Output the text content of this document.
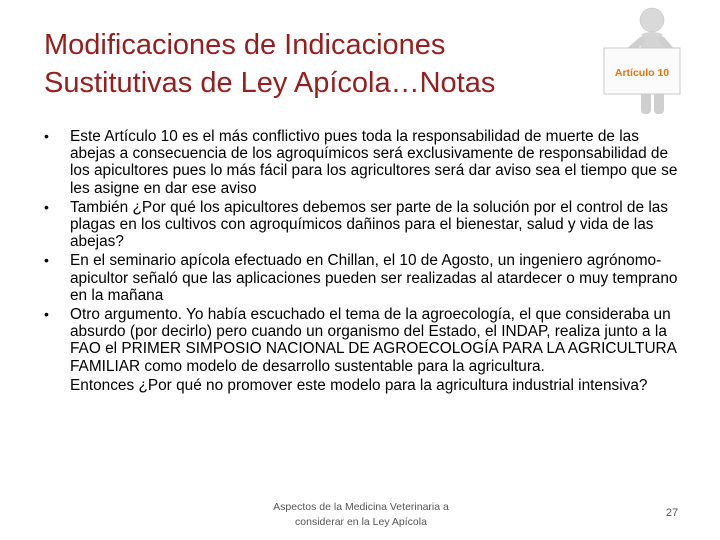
Modificaciones de Indicaciones
Sustitutivas de Ley Apícola…Notas	Artículo 10
• Este Artículo 10 es el más conflictivo pues toda la responsabilidad de muerte de las abejas a consecuencia de los agroquímicos será exclusivamente de responsabilidad de los apicultores pues lo más fácil para los agricultores será dar aviso sea el tiempo que se les asigne en dar ese aviso
• También ¿Por qué los apicultores debemos ser parte de la solución por el control de las plagas en los cultivos con agroquímicos dañinos para el bienestar, salud y vida de las abejas?
• En el seminario apícola efectuado en Chillan, el 10 de Agosto, un ingeniero agrónomo-apicultor señaló que las aplicaciones pueden ser realizadas al atardecer o muy temprano en la mañana
• Otro argumento. Yo había escuchado el tema de la agroecología, el que consideraba un absurdo (por decirlo) pero cuando un organismo del Estado, el INDAP, realiza junto a la FAO el PRIMER SIMPOSIO NACIONAL DE AGROECOLOGÍA PARA LA AGRICULTURA FAMILIAR como modelo de desarrollo sustentable para la agricultura.

Entonces ¿Por qué no promover este modelo para la agricultura industrial intensiva?

Aspectos de la Medicina Veterinaria a
considerar en la Ley Apícola
27
